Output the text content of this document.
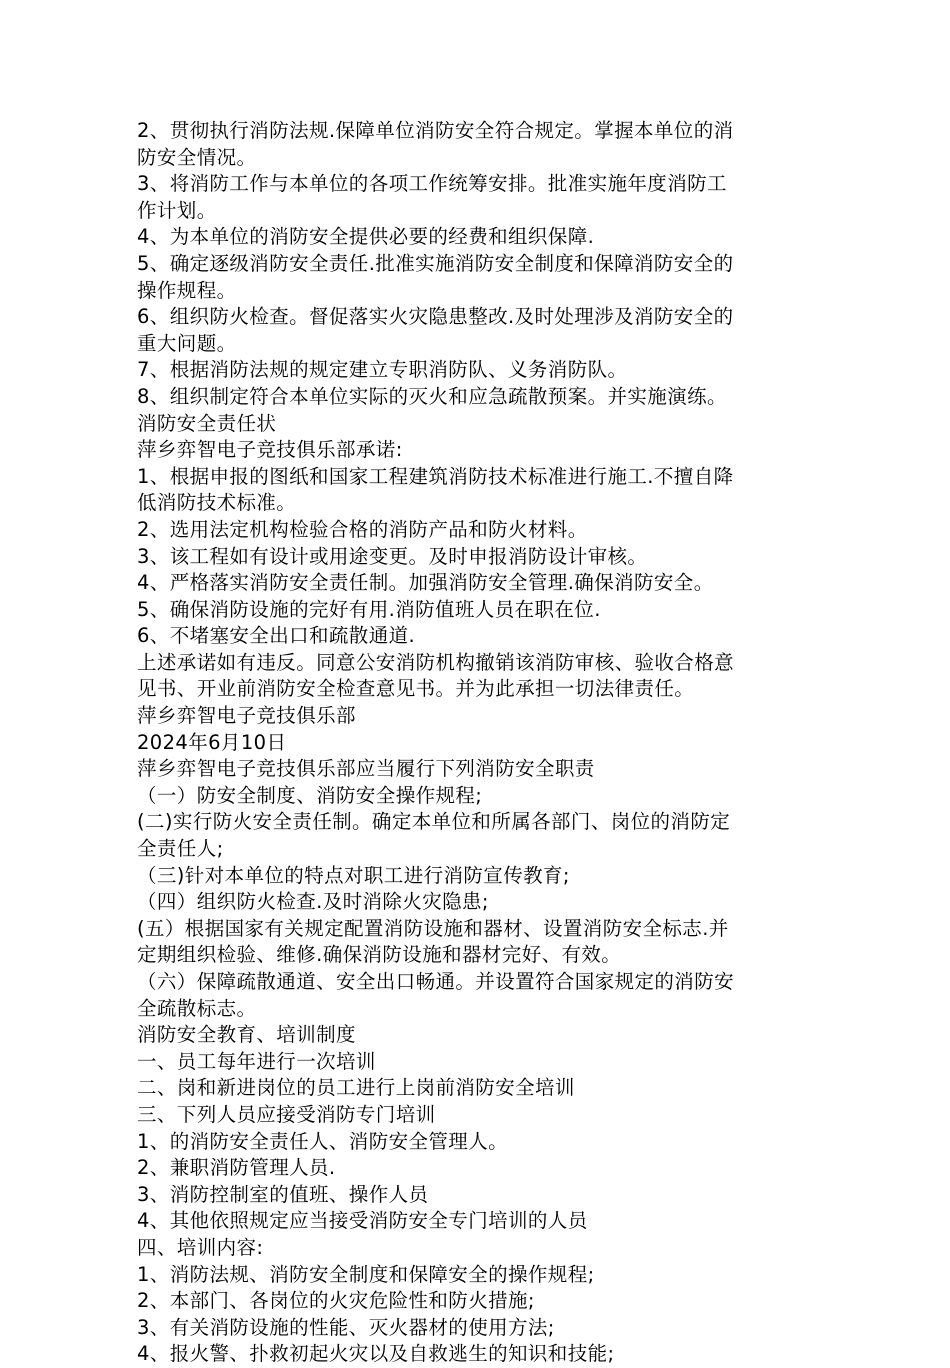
2、贯彻执行消防法规.保障单位消防安全符合规定。掌握本单位的消
防安全情况。
3、将消防工作与本单位的各项工作统筹安排。批准实施年度消防工
作计划。
4、为本单位的消防安全提供必要的经费和组织保障.
5、确定逐级消防安全责任.批准实施消防安全制度和保障消防安全的
操作规程。
6、组织防火检查。督促落实火灾隐患整改.及时处理涉及消防安全的
重大问题。
7、根据消防法规的规定建立专职消防队、义务消防队。
8、组织制定符合本单位实际的灭火和应急疏散预案。并实施演练。
消防安全责任状
萍乡弈智电子竞技俱乐部承诺:
1、根据申报的图纸和国家工程建筑消防技术标准进行施工.不擅自降
低消防技术标准。
2、选用法定机构检验合格的消防产品和防火材料。
3、该工程如有设计或用途变更。及时申报消防设计审核。
4、严格落实消防安全责任制。加强消防安全管理.确保消防安全。
5、确保消防设施的完好有用.消防值班人员在职在位.
6、不堵塞安全出口和疏散通道.
上述承诺如有违反。同意公安消防机构撤销该消防审核、验收合格意
见书、开业前消防安全检查意见书。并为此承担一切法律责任。
萍乡弈智电子竞技俱乐部
2024年6月10日
萍乡弈智电子竞技俱乐部应当履行下列消防安全职责
（一）防安全制度、消防安全操作规程;
(二)实行防火安全责任制。确定本单位和所属各部门、岗位的消防定
全责任人;
（三)针对本单位的特点对职工进行消防宣传教育;
（四）组织防火检查.及时消除火灾隐患;
(五）根据国家有关规定配置消防设施和器材、设置消防安全标志.并
定期组织检验、维修.确保消防设施和器材完好、有效。
（六）保障疏散通道、安全出口畅通。并设置符合国家规定的消防安
全疏散标志。
消防安全教育、培训制度
一、员工每年进行一次培训
二、岗和新进岗位的员工进行上岗前消防安全培训
三、下列人员应接受消防专门培训
1、的消防安全责任人、消防安全管理人。
2、兼职消防管理人员.
3、消防控制室的值班、操作人员
4、其他依照规定应当接受消防安全专门培训的人员
四、培训内容:
1、消防法规、消防安全制度和保障安全的操作规程;
2、本部门、各岗位的火灾危险性和防火措施;
3、有关消防设施的性能、灭火器材的使用方法;
4、报火警、扑救初起火灾以及自救逃生的知识和技能;
